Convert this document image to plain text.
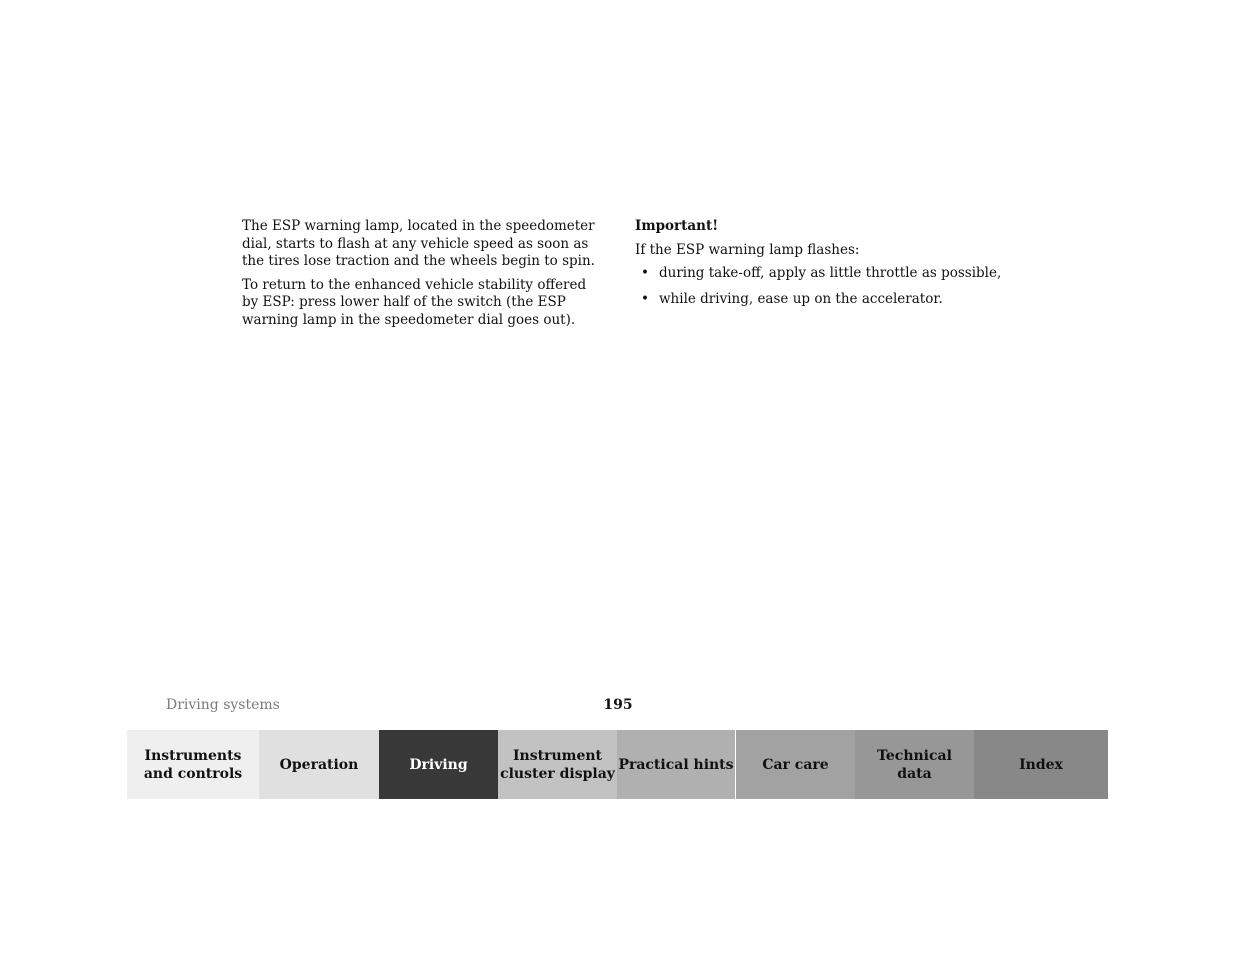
The ESP warning lamp, located in the speedometer dial, starts to flash at any vehicle speed as soon as the tires lose traction and the wheels begin to spin.

To return to the enhanced vehicle stability offered by ESP: press lower half of the switch (the ESP warning lamp in the speedometer dial goes out).

Important!

If the ESP warning lamp flashes:

• during take-off, apply as little throttle as possible,
• while driving, ease up on the accelerator.
Driving systems	195
Instruments
and controls
Operation	Driving
Instrument
cluster display
Practical hints	Car care
Technical
data
Index
